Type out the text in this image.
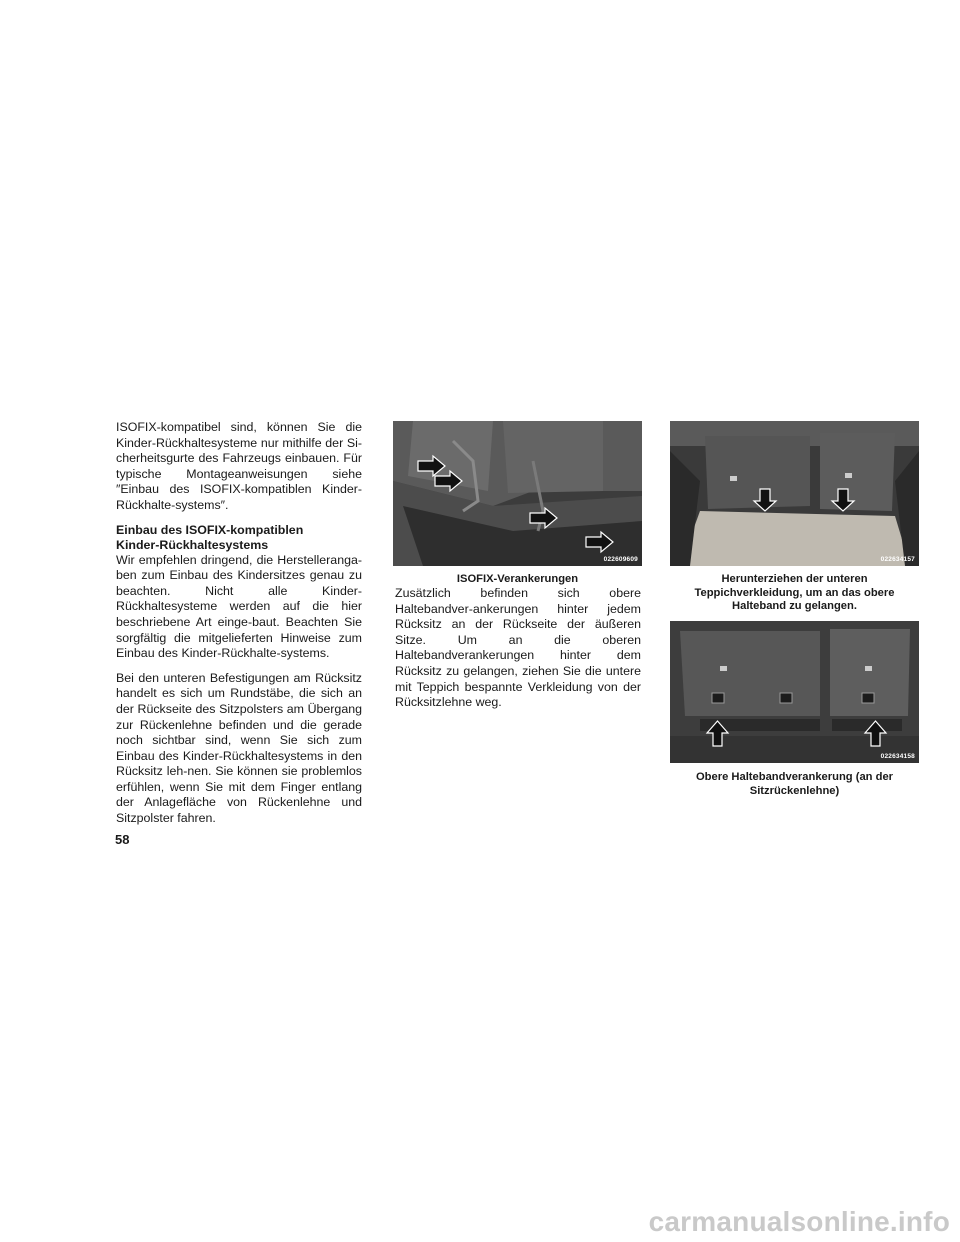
ISOFIX-kompatibel sind, können Sie die Kinder-Rückhaltesysteme nur mithilfe der Si-cherheitsgurte des Fahrzeugs einbauen. Für typische Montageanweisungen siehe ″Einbau des ISOFIX-kompatiblen Kinder-Rückhalte-systems″.

Einbau des ISOFIX-kompatiblen
Kinder-Rückhaltesystems

Wir empfehlen dringend, die Herstelleranga-ben zum Einbau des Kindersitzes genau zu beachten. Nicht alle Kinder-Rückhaltesysteme werden auf die hier beschriebene Art einge-baut. Beachten Sie sorgfältig die mitgelieferten Hinweise zum Einbau des Kinder-Rückhalte-systems.

Bei den unteren Befestigungen am Rücksitz handelt es sich um Rundstäbe, die sich an der Rückseite des Sitzpolsters am Übergang zur Rückenlehne befinden und die gerade noch sichtbar sind, wenn Sie sich zum Einbau des Kinder-Rückhaltesystems in den Rücksitz leh-nen. Sie können sie problemlos erfühlen, wenn Sie mit dem Finger entlang der Anlagefläche von Rückenlehne und Sitzpolster fahren.

022609609
ISOFIX-Verankerungen
Zusätzlich befinden sich obere Haltebandver-ankerungen hinter jedem Rücksitz an der Rückseite der äußeren Sitze. Um an die oberen Haltebandverankerungen hinter dem Rücksitz zu gelangen, ziehen Sie die untere mit Teppich bespannte Verkleidung von der Rücksitzlehne weg.
022634157
Herunterziehen der unteren
Teppichverkleidung, um an das obere
Halteband zu gelangen.
022634158
Obere Haltebandverankerung (an der
Sitzrückenlehne)
58
carmanualsonline.info
